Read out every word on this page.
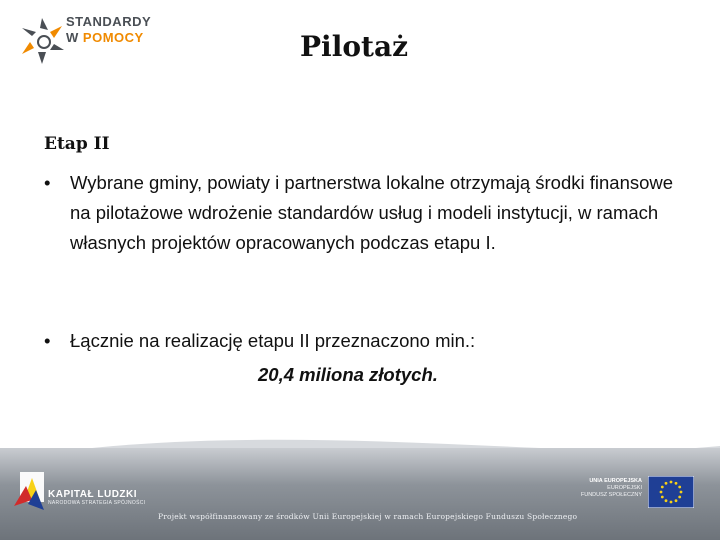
STANDARDY
W POMOCY	Pilotaż
Etap II
•	Wybrane gminy, powiaty i partnerstwa lokalne otrzymają środki finansowe na pilotażowe wdrożenie standardów usług i modeli instytucji, w ramach własnych projektów opracowanych podczas etapu I.
•	Łącznie na realizację etapu II przeznaczono min.:
20,4 miliona złotych.
KAPITAŁ LUDZKI
NARODOWA STRATEGIA SPÓJNOŚCI
UNIA EUROPEJSKA
EUROPEJSKI
FUNDUSZ SPOŁECZNY
Projekt współfinansowany ze środków Unii Europejskiej w ramach Europejskiego Funduszu Społecznego
